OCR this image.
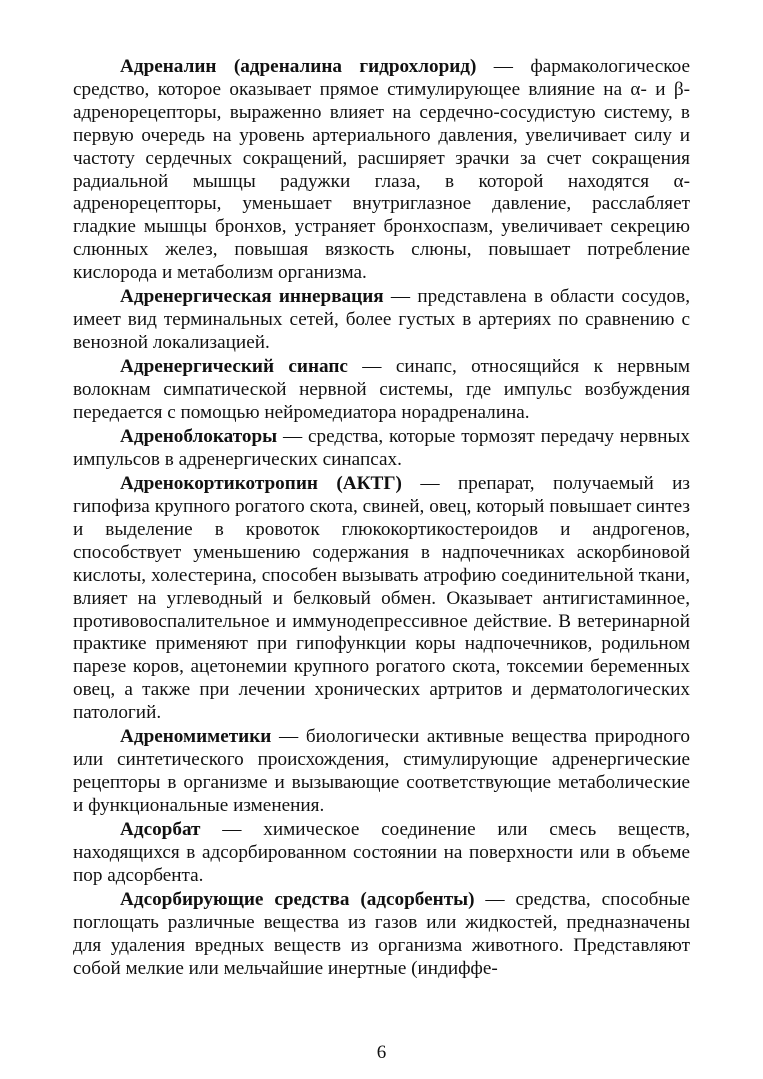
Адреналин (адреналина гидрохлорид) — фармакологическое средство, которое оказывает прямое стимулирующее влияние на α- и β-адренорецепторы, выраженно влияет на сердечно-сосудистую систему, в первую очередь на уровень артериального давления, увеличивает силу и частоту сердечных сокращений, расширяет зрачки за счет сокращения радиальной мышцы радужки глаза, в которой находятся α-адренорецепторы, уменьшает внутриглазное давление, расслабляет гладкие мышцы бронхов, устраняет бронхоспазм, увеличивает секрецию слюнных желез, повышая вязкость слюны, повышает потребление кислорода и метаболизм организма.

Адренергическая иннервация — представлена в области сосудов, имеет вид терминальных сетей, более густых в артериях по сравнению с венозной локализацией.

Адренергический синапс — синапс, относящийся к нервным волокнам симпатической нервной системы, где импульс возбуждения передается с помощью нейромедиатора норадреналина.

Адреноблокаторы — средства, которые тормозят передачу нервных импульсов в адренергических синапсах.

Адренокортикотропин (АКТГ) — препарат, получаемый из гипофиза крупного рогатого скота, свиней, овец, который повышает синтез и выделение в кровоток глюкокортикостероидов и андрогенов, способствует уменьшению содержания в надпочечниках аскорбиновой кислоты, холестерина, способен вызывать атрофию соединительной ткани, влияет на углеводный и белковый обмен. Оказывает антигистаминное, противовоспалительное и иммунодепрессивное действие. В ветеринарной практике применяют при гипофункции коры надпочечников, родильном парезе коров, ацетонемии крупного рогатого скота, токсемии беременных овец, а также при лечении хронических артритов и дерматологических патологий.

Адреномиметики — биологически активные вещества природного или синтетического происхождения, стимулирующие адренергические рецепторы в организме и вызывающие соответствующие метаболические и функциональные изменения.

Адсорбат — химическое соединение или смесь веществ, находящихся в адсорбированном состоянии на поверхности или в объеме пор адсорбента.

Адсорбирующие средства (адсорбенты) — средства, способные поглощать различные вещества из газов или жидкостей, предназначены для удаления вредных веществ из организма животного. Представляют собой мелкие или мельчайшие инертные (индиффе-

6
